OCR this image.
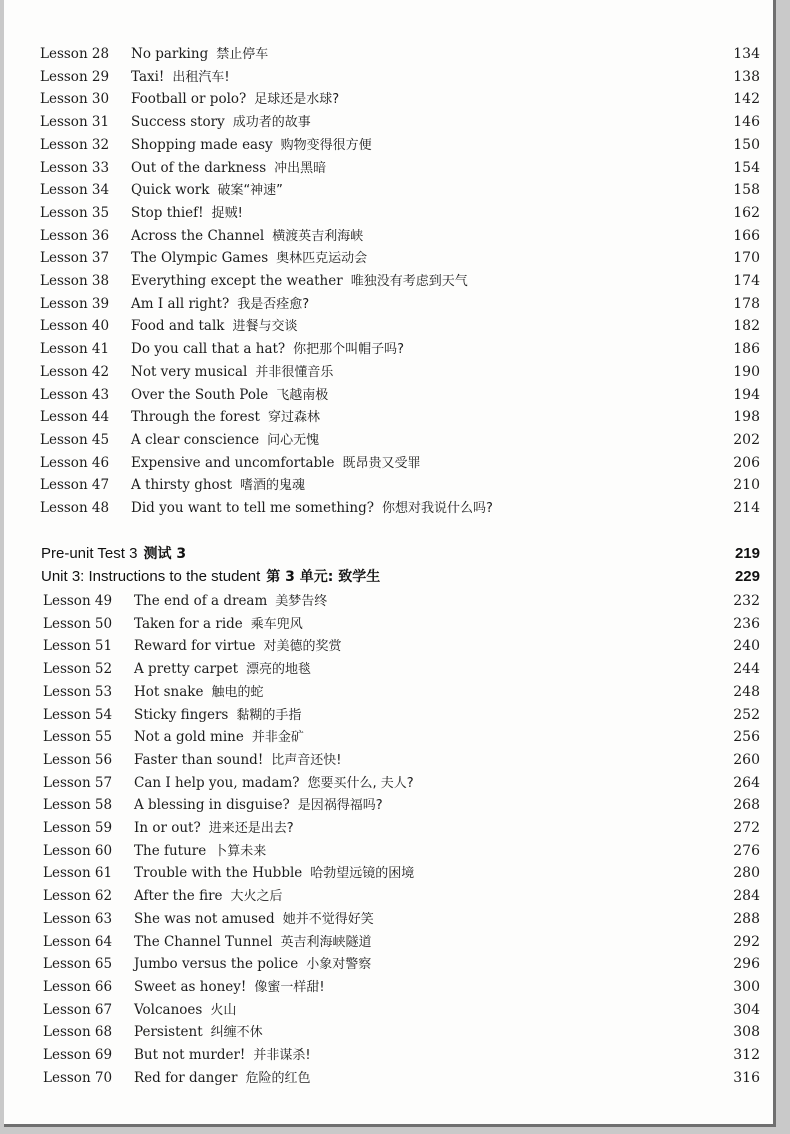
Lesson 28 No parking 禁止停车	134
Lesson 29 Taxi! 出租汽车!	138
Lesson 30 Football or polo? 足球还是水球?	142
Lesson 31 Success story 成功者的故事	146
Lesson 32 Shopping made easy 购物变得很方便	150
Lesson 33 Out of the darkness 冲出黑暗	154
Lesson 34 Quick work 破案“神速”	158
Lesson 35 Stop thief! 捉贼!	162
Lesson 36 Across the Channel 横渡英吉利海峡	166
Lesson 37 The Olympic Games 奥林匹克运动会	170
Lesson 38 Everything except the weather 唯独没有考虑到天气	174
Lesson 39 Am I all right? 我是否痊愈?	178
Lesson 40 Food and talk 进餐与交谈	182
Lesson 41 Do you call that a hat? 你把那个叫帽子吗?	186
Lesson 42 Not very musical 并非很懂音乐	190
Lesson 43 Over the South Pole 飞越南极	194
Lesson 44 Through the forest 穿过森林	198
Lesson 45 A clear conscience 问心无愧	202
Lesson 46 Expensive and uncomfortable 既昂贵又受罪	206
Lesson 47 A thirsty ghost 嗜酒的鬼魂	210
Lesson 48 Did you want to tell me something? 你想对我说什么吗?	214
Pre-unit Test 3 测试 3	219
Unit 3: Instructions to the student 第 3 单元: 致学生	229
Lesson 49 The end of a dream 美梦告终	232
Lesson 50 Taken for a ride 乘车兜风	236
Lesson 51 Reward for virtue 对美德的奖赏	240
Lesson 52 A pretty carpet 漂亮的地毯	244
Lesson 53 Hot snake 触电的蛇	248
Lesson 54 Sticky fingers 黏糊的手指	252
Lesson 55 Not a gold mine 并非金矿	256
Lesson 56 Faster than sound! 比声音还快!	260
Lesson 57 Can I help you, madam? 您要买什么, 夫人?	264
Lesson 58 A blessing in disguise? 是因祸得福吗?	268
Lesson 59 In or out? 进来还是出去?	272
Lesson 60 The future 卜算未来	276
Lesson 61 Trouble with the Hubble 哈勃望远镜的困境	280
Lesson 62 After the fire 大火之后	284
Lesson 63 She was not amused 她并不觉得好笑	288
Lesson 64 The Channel Tunnel 英吉利海峡隧道	292
Lesson 65 Jumbo versus the police 小象对警察	296
Lesson 66 Sweet as honey! 像蜜一样甜!	300
Lesson 67 Volcanoes 火山	304
Lesson 68 Persistent 纠缠不休	308
Lesson 69 But not murder! 并非谋杀!	312
Lesson 70 Red for danger 危险的红色	316
